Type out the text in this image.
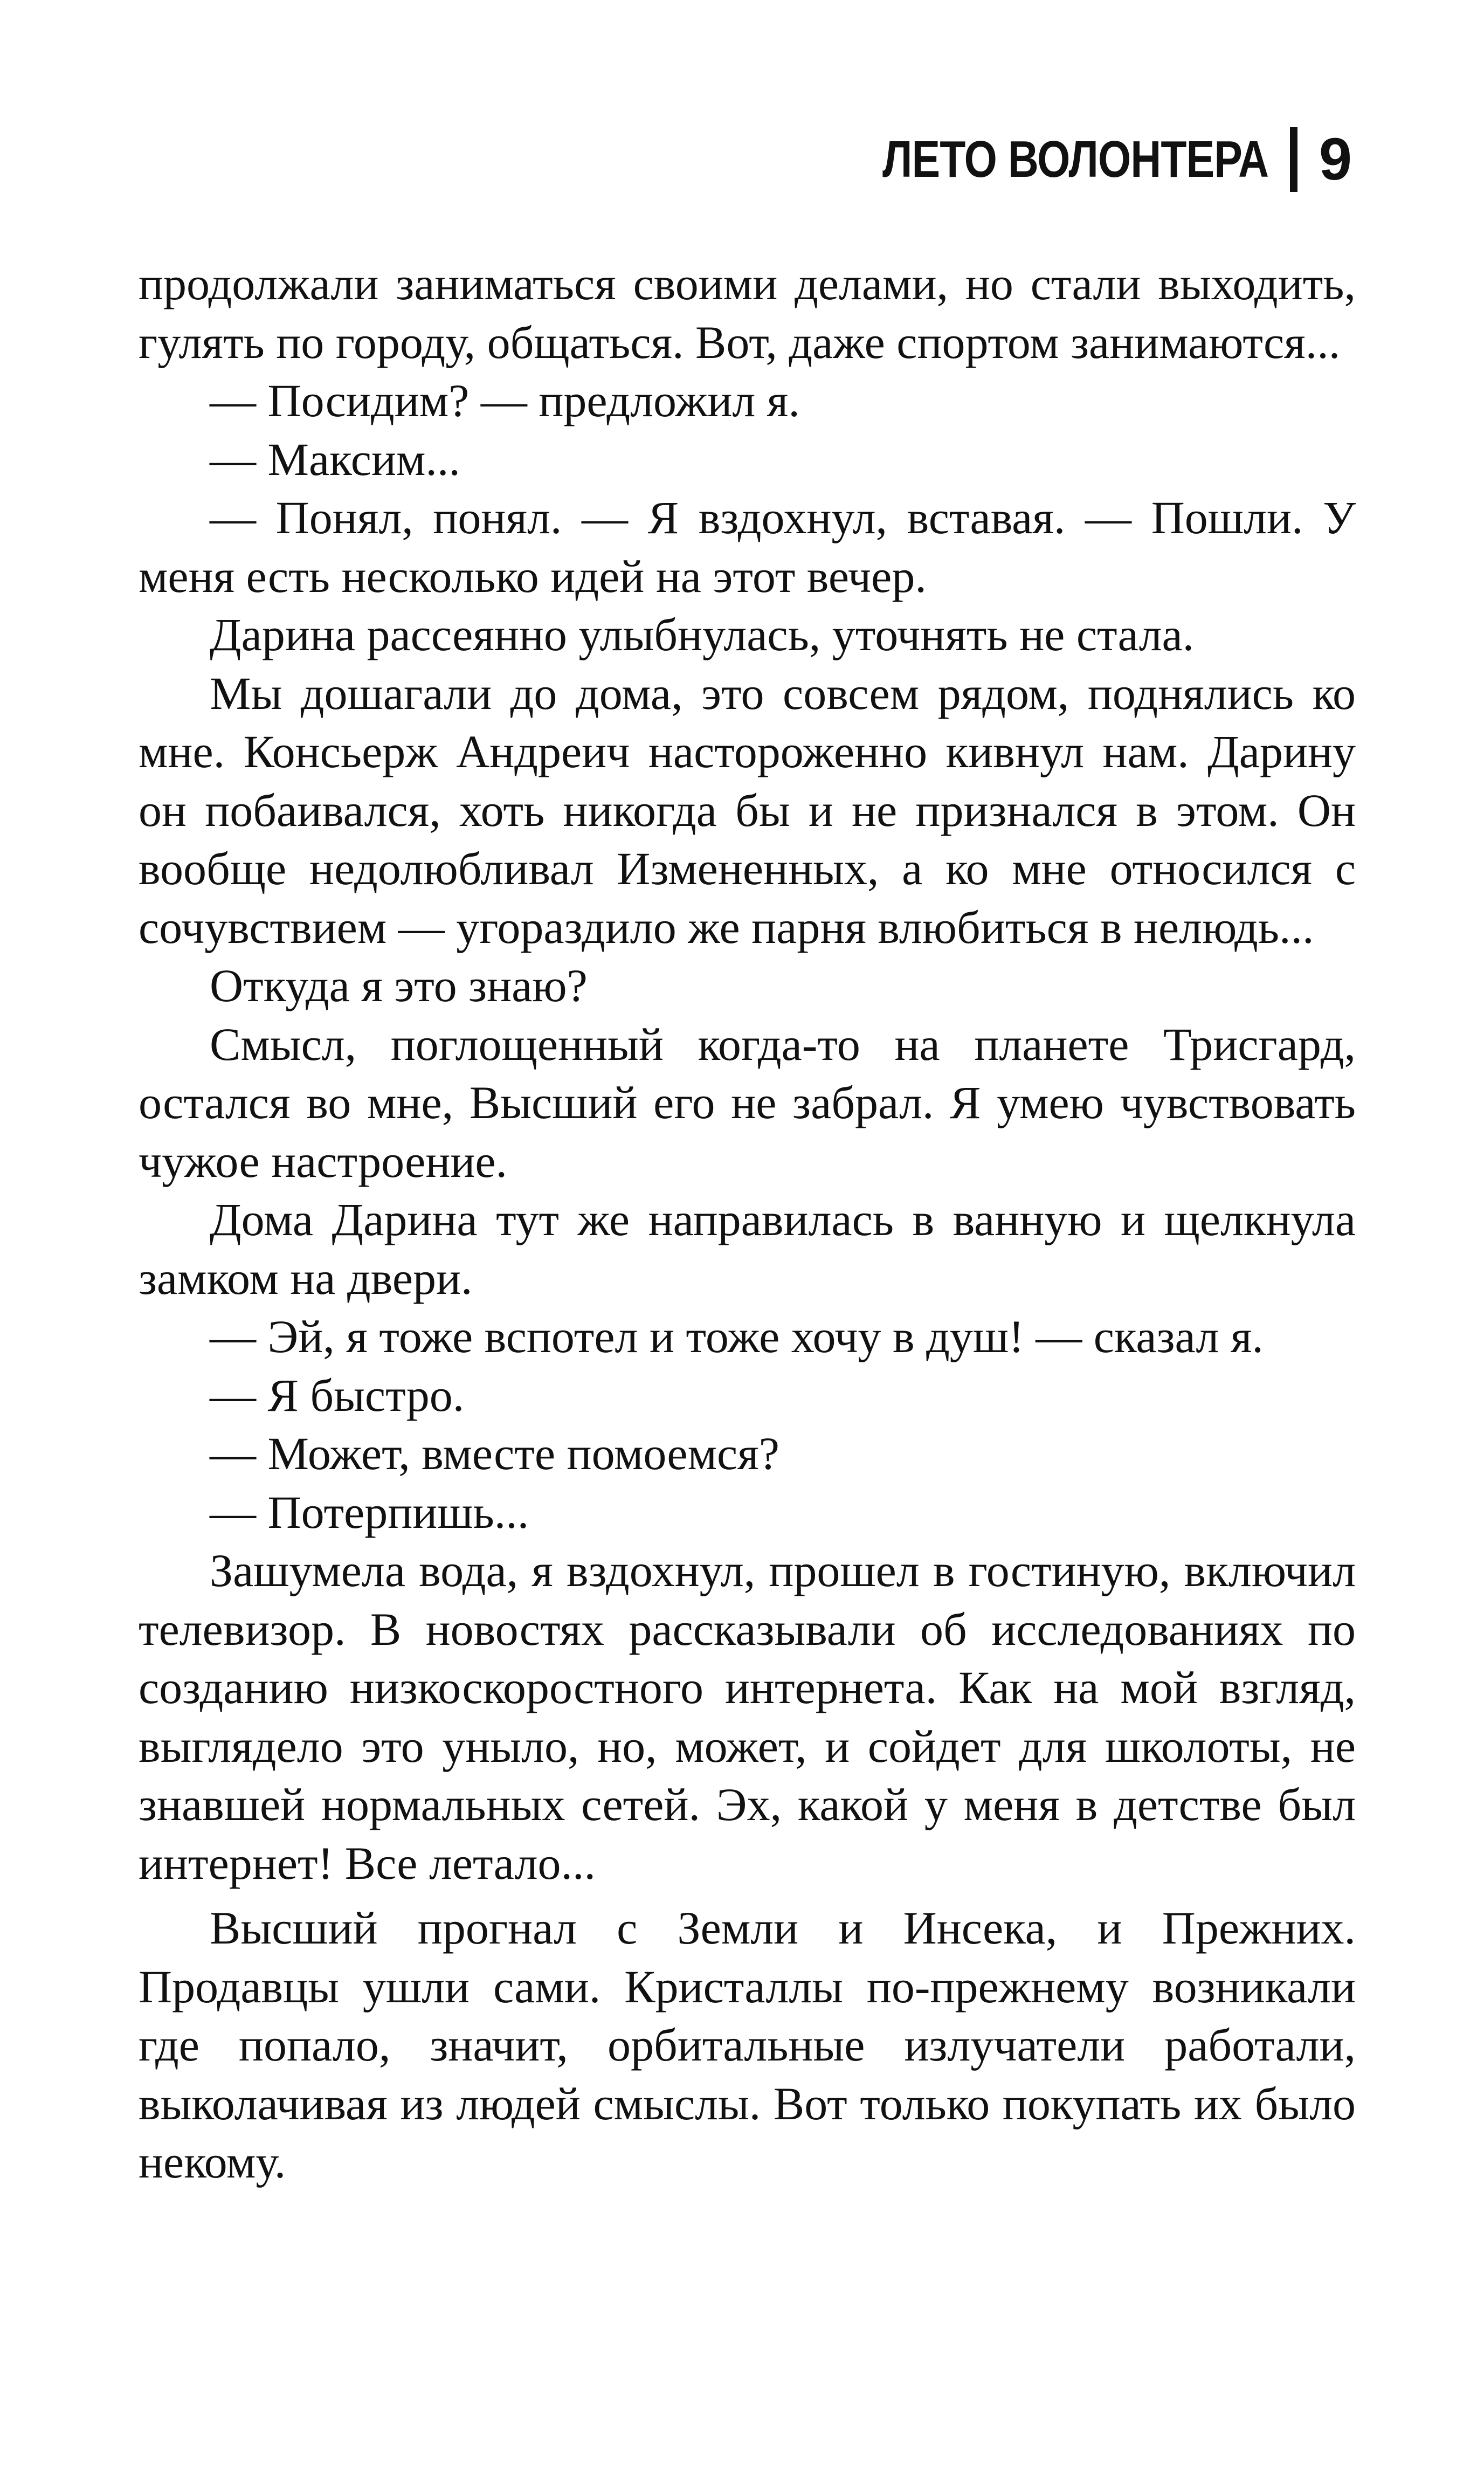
ЛЕТО ВОЛОНТЕРА 9

продолжали заниматься своими делами, но стали выходить, гулять по городу, общаться. Вот, даже спортом занимаются...

— Посидим? — предложил я.

— Максим...

— Понял, понял. — Я вздохнул, вставая. — Пошли. У меня есть несколько идей на этот вечер.

Дарина рассеянно улыбнулась, уточнять не стала.

Мы дошагали до дома, это совсем рядом, поднялись ко мне. Консьерж Андреич настороженно кивнул нам. Дарину он побаивался, хоть никогда бы и не признался в этом. Он вообще недолюбливал Измененных, а ко мне относился с сочувствием — угораздило же парня влюбиться в нелюдь...

Откуда я это знаю?

Смысл, поглощенный когда-то на планете Трисгард, остался во мне, Высший его не забрал. Я умею чувствовать чужое настроение.

Дома Дарина тут же направилась в ванную и щелкнула замком на двери.

— Эй, я тоже вспотел и тоже хочу в душ! — сказал я.

— Я быстро.

— Может, вместе помоемся?

— Потерпишь...

Зашумела вода, я вздохнул, прошел в гостиную, включил телевизор. В новостях рассказывали об исследованиях по созданию низкоскоростного интернета. Как на мой взгляд, выглядело это уныло, но, может, и сойдет для школоты, не знавшей нормальных сетей. Эх, какой у меня в детстве был интернет! Все летало...

Высший прогнал с Земли и Инсека, и Прежних. Продавцы ушли сами. Кристаллы по-прежнему возникали где попало, значит, орбитальные излучатели работали, выколачивая из людей смыслы. Вот только покупать их было некому.
